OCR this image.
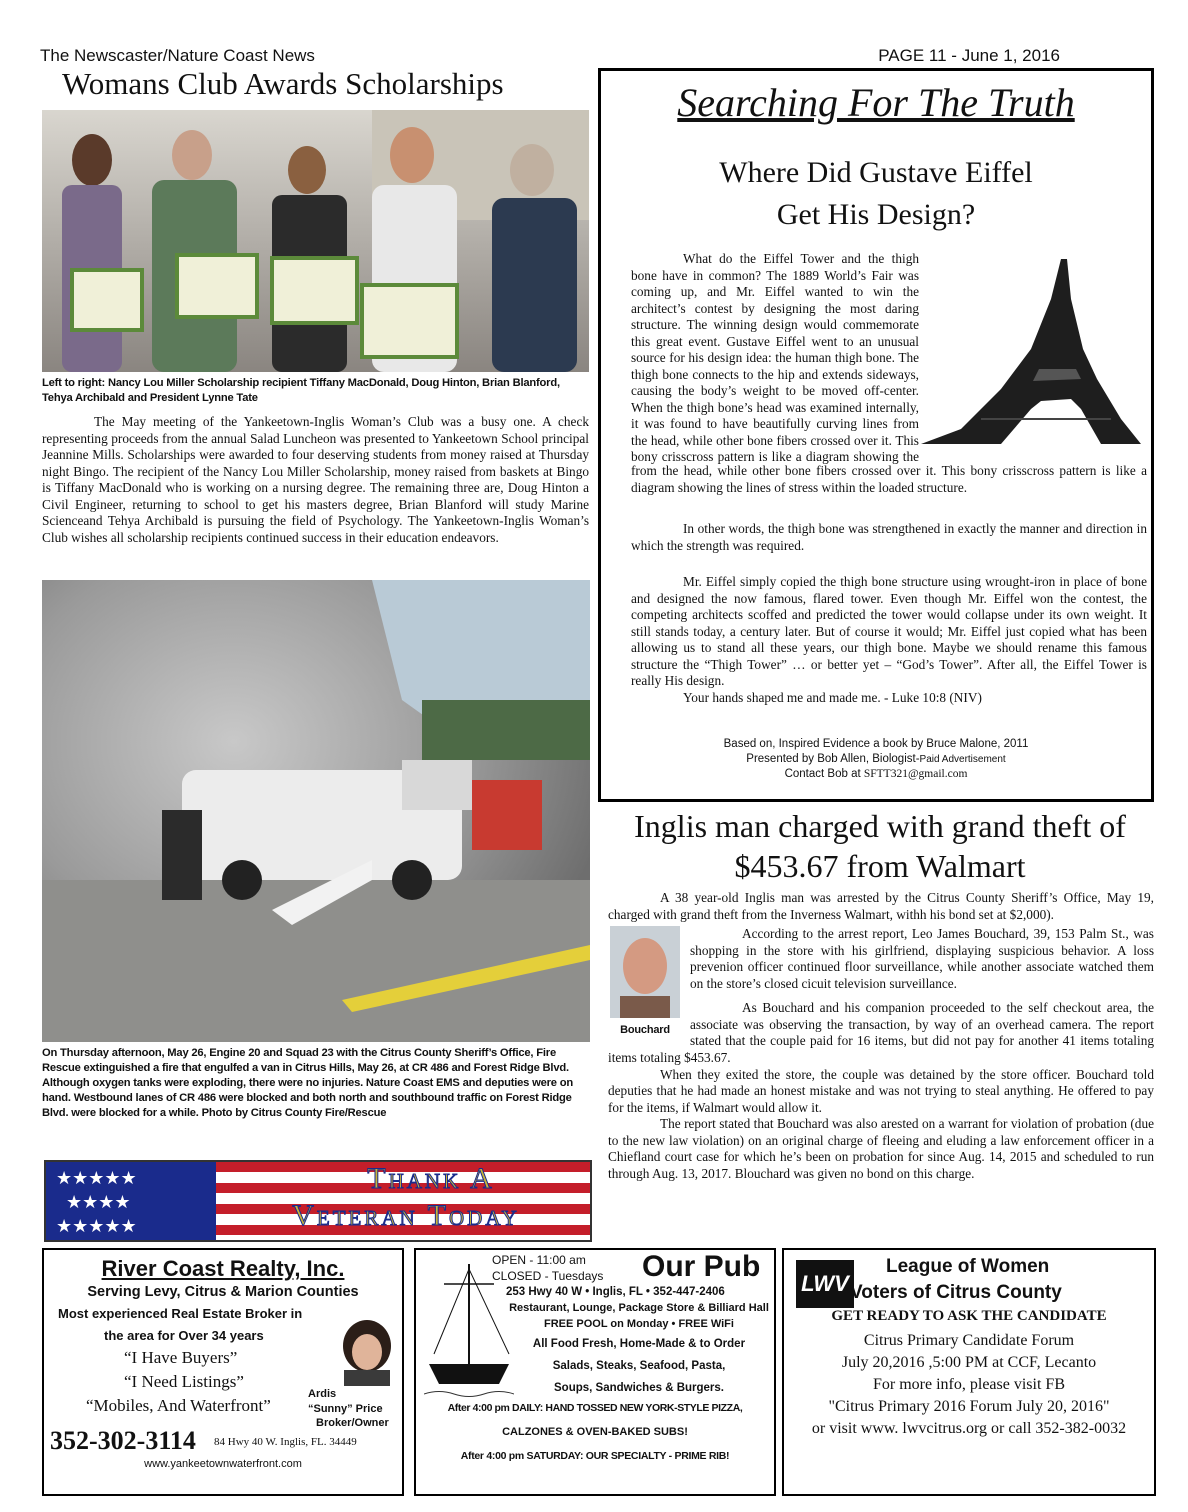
The Newscaster/Nature Coast News	PAGE 11 - June 1, 2016
Womans Club Awards Scholarships
Left to right: Nancy Lou Miller Scholarship recipient Tiffany MacDonald, Doug Hinton, Brian Blanford, Tehya Archibald and President Lynne Tate

The May meeting of the Yankeetown-Inglis Woman’s Club was a busy one. A check representing proceeds from the annual Salad Luncheon was presented to Yankeetown School principal Jeannine Mills. Scholarships were awarded to four deserving students from money raised at Thursday night Bingo. The recipient of the Nancy Lou Miller Scholarship, money raised from baskets at Bingo is Tiffany MacDonald who is working on a nursing degree. The remaining three are, Doug Hinton a Civil Engineer, returning to school to get his masters degree, Brian Blanford will study Marine Scienceand Tehya Archibald is pursuing the field of Psychology. The Yankeetown-Inglis Woman’s Club wishes all scholarship recipients continued success in their education endeavors.

On Thursday afternoon, May 26, Engine 20 and Squad 23 with the Citrus County Sheriff’s Office, Fire Rescue extinguished a fire that engulfed a van in Citrus Hills, May 26, at CR 486 and Forest Ridge Blvd. Although oxygen tanks were exploding, there were no injuries. Nature Coast EMS and deputies were on hand. Westbound lanes of CR 486 were blocked and both north and southbound traffic on Forest Ridge Blvd. were blocked for a while. Photo by Citrus County Fire/Rescue
★★★★★
★★★★
★★★★★
Thank A
Veteran Today
Searching For The Truth
Where Did Gustave Eiffel
Get His Design?

What do the Eiffel Tower and the thigh bone have in common? The 1889 World’s Fair was coming up, and Mr. Eiffel wanted to win the architect’s contest by designing the most daring structure. The winning design would commemorate this great event. Gustave Eiffel went to an unusual source for his design idea: the human thigh bone. The thigh bone connects to the hip and extends sideways, causing the body’s weight to be moved off-center. When the thigh bone’s head was examined internally, it was found to have beautifully curving lines from the head, while other bone fibers crossed over it. This bony crisscross pattern is like a diagram showing the

from the head, while other bone fibers crossed over it. This bony crisscross pattern is like a diagram showing the lines of stress within the loaded structure.

In other words, the thigh bone was strengthened in exactly the manner and direction in which the strength was required.

Mr. Eiffel simply copied the thigh bone structure using wrought-iron in place of bone and designed the now famous, flared tower. Even though Mr. Eiffel won the contest, the competing architects scoffed and predicted the tower would collapse under its own weight. It still stands today, a century later. But of course it would; Mr. Eiffel just copied what has been allowing us to stand all these years, our thigh bone. Maybe we should rename this famous structure the “Thigh Tower” … or better yet – “God’s Tower”. After all, the Eiffel Tower is really His design.

Your hands shaped me and made me. - Luke 10:8 (NIV)

Based on, Inspired Evidence a book by Bruce Malone, 2011
Presented by Bob Allen, Biologist-Paid Advertisement
Contact Bob at SFTT321@gmail.com
Inglis man charged with grand theft of
$453.67 from Walmart

A 38 year-old Inglis man was arrested by the Citrus County Sheriff’s Office, May 19, charged with grand theft from the Inverness Walmart, withh his bond set at $2,000).

Bouchard

According to the arrest report, Leo James Bouchard, 39, 153 Palm St., was shopping in the store with his girlfriend, displaying suspicious behavior. A loss prevenion officer continued floor surveillance, while another associate watched them on the store’s closed cicuit television surveillance.

As Bouchard and his companion proceeded to the self checkout area, the associate was observing the transaction, by way of an overhead camera. The report stated that the couple paid for 16 items, but did not pay for another 41 items totaling

items totaling $453.67.

When they exited the store, the couple was detained by the store officer. Bouchard told deputies that he had made an honest mistake and was not trying to steal anything. He offered to pay for the items, if Walmart would allow it.

The report stated that Bouchard was also arested on a warrant for violation of probation (due to the new law violation) on an original charge of fleeing and eluding a law enforcement officer in a Chiefland court case for which he’s been on probation for since Aug. 14, 2015 and scheduled to run through Aug. 13, 2017. Blouchard was given no bond on this charge.

River Coast Realty, Inc.
Serving Levy, Citrus & Marion Counties
Most experienced Real Estate Broker in
the area for Over 34 years
“I Have Buyers”
“I Need Listings”
“Mobiles, And Waterfront”
Ardis
“Sunny” Price
Broker/Owner
352-302-3114 84 Hwy 40 W. Inglis, FL. 34449
www.yankeetownwaterfront.com
OPEN - 11:00 am
CLOSED - Tuesdays Our Pub
253 Hwy 40 W • Inglis, FL • 352-447-2406
Restaurant, Lounge, Package Store & Billiard Hall
FREE POOL on Monday • FREE WiFi
All Food Fresh, Home-Made & to Order
Salads, Steaks, Seafood, Pasta,
Soups, Sandwiches & Burgers.
After 4:00 pm DAILY: HAND TOSSED NEW YORK-STYLE PIZZA,
CALZONES & OVEN-BAKED SUBS!
After 4:00 pm SATURDAY: OUR SPECIALTY - PRIME RIB!
LWV
League of Women
Voters of Citrus County
GET READY TO ASK THE CANDIDATE
Citrus Primary Candidate Forum
July 20,2016 ,5:00 PM at CCF, Lecanto
For more info, please visit FB
"Citrus Primary 2016 Forum July 20, 2016"
or visit www. lwvcitrus.org or call 352-382-0032
